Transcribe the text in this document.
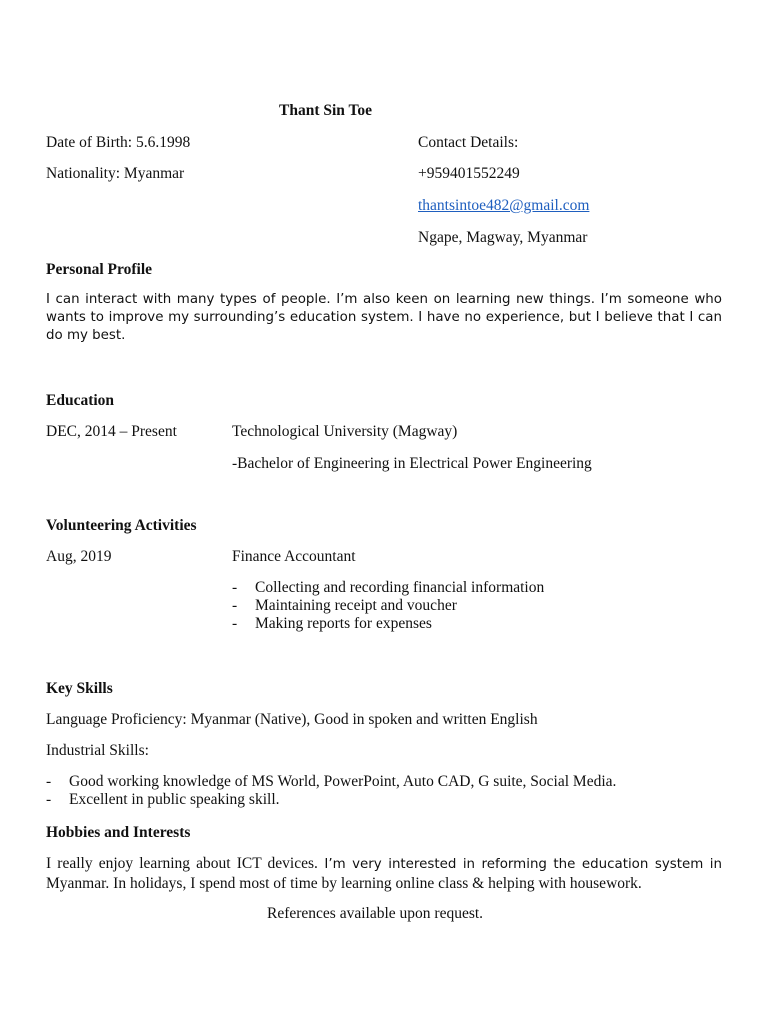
Thant Sin Toe
Date of Birth: 5.6.1998	Contact Details:
Nationality: Myanmar	+959401552249
thantsintoe482@gmail.com
Ngape, Magway, Myanmar
Personal Profile
I can interact with many types of people. I’m also keen on learning new things. I’m someone who wants to improve my surrounding’s education system. I have no experience, but I believe that I can do my best.
Education
DEC, 2014 – Present	Technological University (Magway)
-Bachelor of Engineering in Electrical Power Engineering
Volunteering Activities
Aug, 2019	Finance Accountant
- Collecting and recording financial information
- Maintaining receipt and voucher
- Making reports for expenses
Key Skills
Language Proficiency: Myanmar (Native), Good in spoken and written English
Industrial Skills:
- Good working knowledge of MS World, PowerPoint, Auto CAD, G suite, Social Media.
- Excellent in public speaking skill.
Hobbies and Interests
I really enjoy learning about ICT devices. I’m very interested in reforming the education system in Myanmar. In holidays, I spend most of time by learning online class & helping with housework.
References available upon request.
